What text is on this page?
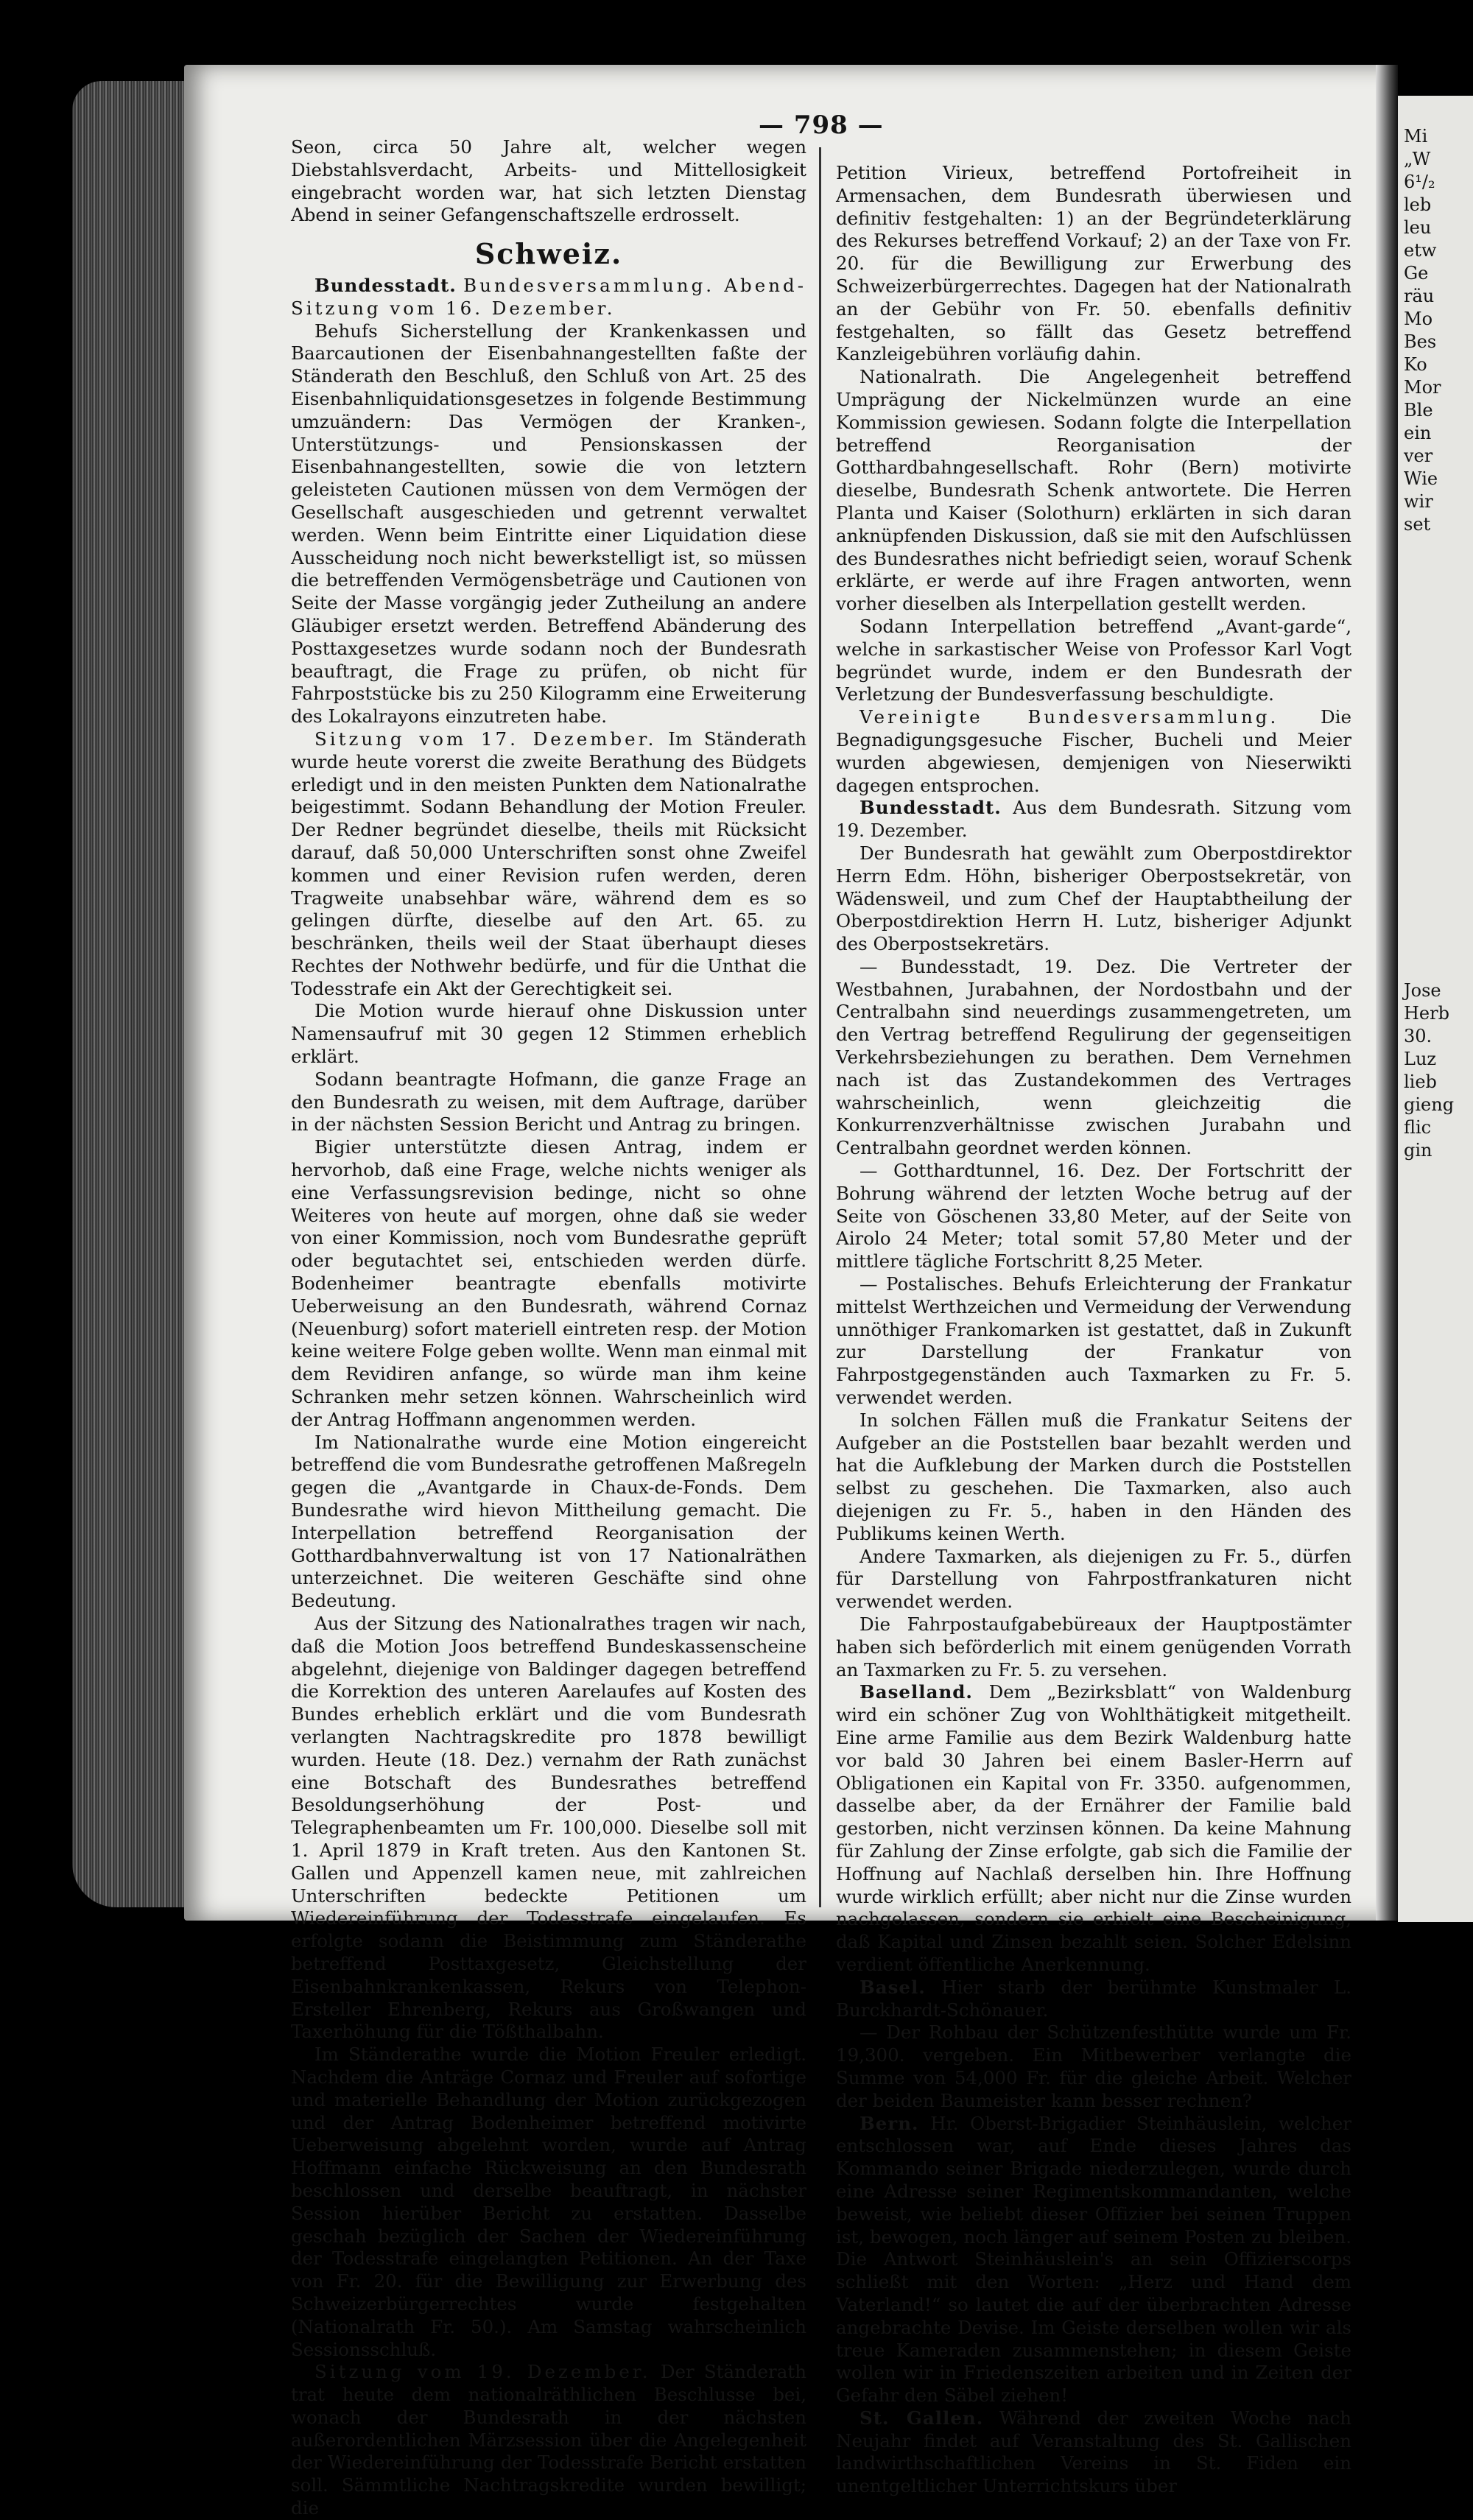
Mi
„W
6¹/₂
leb
leu
etw
Ge
räu
Mo
Bes
Ko
Mor
Ble
ein
ver
Wie
wir
set
Jose
Herb
30.
Luz
lieb
gieng
flic
gin
— 798 —

Seon, circa 50 Jahre alt, welcher wegen Diebstahlsverdacht, Arbeits- und Mittellosigkeit eingebracht worden war, hat sich letzten Dienstag Abend in seiner Gefangenschaftszelle erdrosselt.

Schweiz.

Bundesstadt. Bundesversammlung. Abend-Sitzung vom 16. Dezember.

Behufs Sicherstellung der Krankenkassen und Baarcautionen der Eisenbahnangestellten faßte der Ständerath den Beschluß, den Schluß von Art. 25 des Eisenbahnliquidationsgesetzes in folgende Bestimmung umzuändern: Das Vermögen der Kranken-, Unterstützungs- und Pensionskassen der Eisenbahnangestellten, sowie die von letztern geleisteten Cautionen müssen von dem Vermögen der Gesellschaft ausgeschieden und getrennt verwaltet werden. Wenn beim Eintritte einer Liquidation diese Ausscheidung noch nicht bewerkstelligt ist, so müssen die betreffenden Vermögensbeträge und Cautionen von Seite der Masse vorgängig jeder Zutheilung an andere Gläubiger ersetzt werden. Betreffend Abänderung des Posttaxgesetzes wurde sodann noch der Bundesrath beauftragt, die Frage zu prüfen, ob nicht für Fahrpoststücke bis zu 250 Kilogramm eine Erweiterung des Lokalrayons einzutreten habe.

Sitzung vom 17. Dezember. Im Ständerath wurde heute vorerst die zweite Berathung des Büdgets erledigt und in den meisten Punkten dem Nationalrathe beigestimmt. Sodann Behandlung der Motion Freuler. Der Redner begründet dieselbe, theils mit Rücksicht darauf, daß 50,000 Unterschriften sonst ohne Zweifel kommen und einer Revision rufen werden, deren Tragweite unabsehbar wäre, während dem es so gelingen dürfte, dieselbe auf den Art. 65. zu beschränken, theils weil der Staat überhaupt dieses Rechtes der Nothwehr bedürfe, und für die Unthat die Todesstrafe ein Akt der Gerechtigkeit sei.

Die Motion wurde hierauf ohne Diskussion unter Namensaufruf mit 30 gegen 12 Stimmen erheblich erklärt.

Sodann beantragte Hofmann, die ganze Frage an den Bundesrath zu weisen, mit dem Auftrage, darüber in der nächsten Session Bericht und Antrag zu bringen.

Bigier unterstützte diesen Antrag, indem er hervorhob, daß eine Frage, welche nichts weniger als eine Verfassungsrevision bedinge, nicht so ohne Weiteres von heute auf morgen, ohne daß sie weder von einer Kommission, noch vom Bundesrathe geprüft oder begutachtet sei, entschieden werden dürfe. Bodenheimer beantragte ebenfalls motivirte Ueberweisung an den Bundesrath, während Cornaz (Neuenburg) sofort materiell eintreten resp. der Motion keine weitere Folge geben wollte. Wenn man einmal mit dem Revidiren anfange, so würde man ihm keine Schranken mehr setzen können. Wahrscheinlich wird der Antrag Hoffmann angenommen werden.

Im Nationalrathe wurde eine Motion eingereicht betreffend die vom Bundesrathe getroffenen Maßregeln gegen die „Avantgarde in Chaux-de-Fonds. Dem Bundesrathe wird hievon Mittheilung gemacht. Die Interpellation betreffend Reorganisation der Gotthardbahnverwaltung ist von 17 Nationalräthen unterzeichnet. Die weiteren Geschäfte sind ohne Bedeutung.

Aus der Sitzung des Nationalrathes tragen wir nach, daß die Motion Joos betreffend Bundeskassenscheine abgelehnt, diejenige von Baldinger dagegen betreffend die Korrektion des unteren Aarelaufes auf Kosten des Bundes erheblich erklärt und die vom Bundesrath verlangten Nachtragskredite pro 1878 bewilligt wurden. Heute (18. Dez.) vernahm der Rath zunächst eine Botschaft des Bundesrathes betreffend Besoldungserhöhung der Post- und Telegraphenbeamten um Fr. 100,000. Dieselbe soll mit 1. April 1879 in Kraft treten. Aus den Kantonen St. Gallen und Appenzell kamen neue, mit zahlreichen Unterschriften bedeckte Petitionen um Wiedereinführung der Todesstrafe eingelaufen. Es erfolgte sodann die Beistimmung zum Ständerathe betreffend Posttaxgesetz, Gleichstellung der Eisenbahnkrankenkassen, Rekurs von Telephon-Ersteller Ehrenberg, Rekurs aus Großwangen und Taxerhöhung für die Tößthalbahn.

Im Ständerathe wurde die Motion Freuler erledigt. Nachdem die Anträge Cornaz und Freuler auf sofortige und materielle Behandlung der Motion zurückgezogen und der Antrag Bodenheimer betreffend motivirte Ueberweisung abgelehnt worden, wurde auf Antrag Hoffmann einfache Rückweisung an den Bundesrath beschlossen und derselbe beauftragt, in nächster Session hierüber Bericht zu erstatten. Dasselbe geschah bezüglich der Sachen der Wiedereinführung der Todesstrafe eingelangten Petitionen. An der Taxe von Fr. 20. für die Bewilligung zur Erwerbung des Schweizerbürgerrechtes wurde festgehalten (Nationalrath Fr. 50.). Am Samstag wahrscheinlich Sessionsschluß.

Sitzung vom 19. Dezember. Der Ständerath trat heute dem nationalräthlichen Beschlusse bei, wonach der Bundesrath in der nächsten außerordentlichen Märzsession über die Angelegenheit der Wiedereinführung der Todesstrafe Bericht erstatten soll. Sämmtliche Nachtragskredite wurden bewilligt; die

Petition Virieux, betreffend Portofreiheit in Armensachen, dem Bundesrath überwiesen und definitiv festgehalten: 1) an der Begründeterklärung des Rekurses betreffend Vorkauf; 2) an der Taxe von Fr. 20. für die Bewilligung zur Erwerbung des Schweizerbürgerrechtes. Dagegen hat der Nationalrath an der Gebühr von Fr. 50. ebenfalls definitiv festgehalten, so fällt das Gesetz betreffend Kanzleigebühren vorläufig dahin.

Nationalrath. Die Angelegenheit betreffend Umprägung der Nickelmünzen wurde an eine Kommission gewiesen. Sodann folgte die Interpellation betreffend Reorganisation der Gotthardbahngesellschaft. Rohr (Bern) motivirte dieselbe, Bundesrath Schenk antwortete. Die Herren Planta und Kaiser (Solothurn) erklärten in sich daran anknüpfenden Diskussion, daß sie mit den Aufschlüssen des Bundesrathes nicht befriedigt seien, worauf Schenk erklärte, er werde auf ihre Fragen antworten, wenn vorher dieselben als Interpellation gestellt werden.

Sodann Interpellation betreffend „Avant-garde“, welche in sarkastischer Weise von Professor Karl Vogt begründet wurde, indem er den Bundesrath der Verletzung der Bundesverfassung beschuldigte.

Vereinigte Bundesversammlung. Die Begnadigungsgesuche Fischer, Bucheli und Meier wurden abgewiesen, demjenigen von Nieserwikti dagegen entsprochen.

Bundesstadt. Aus dem Bundesrath. Sitzung vom 19. Dezember.

Der Bundesrath hat gewählt zum Oberpostdirektor Herrn Edm. Höhn, bisheriger Oberpostsekretär, von Wädensweil, und zum Chef der Hauptabtheilung der Oberpostdirektion Herrn H. Lutz, bisheriger Adjunkt des Oberpostsekretärs.

— Bundesstadt, 19. Dez. Die Vertreter der Westbahnen, Jurabahnen, der Nordostbahn und der Centralbahn sind neuerdings zusammengetreten, um den Vertrag betreffend Regulirung der gegenseitigen Verkehrsbeziehungen zu berathen. Dem Vernehmen nach ist das Zustandekommen des Vertrages wahrscheinlich, wenn gleichzeitig die Konkurrenzverhältnisse zwischen Jurabahn und Centralbahn geordnet werden können.

— Gotthardtunnel, 16. Dez. Der Fortschritt der Bohrung während der letzten Woche betrug auf der Seite von Göschenen 33,80 Meter, auf der Seite von Airolo 24 Meter; total somit 57,80 Meter und der mittlere tägliche Fortschritt 8,25 Meter.

— Postalisches. Behufs Erleichterung der Frankatur mittelst Werthzeichen und Vermeidung der Verwendung unnöthiger Frankomarken ist gestattet, daß in Zukunft zur Darstellung der Frankatur von Fahrpostgegenständen auch Taxmarken zu Fr. 5. verwendet werden.

In solchen Fällen muß die Frankatur Seitens der Aufgeber an die Poststellen baar bezahlt werden und hat die Aufklebung der Marken durch die Poststellen selbst zu geschehen. Die Taxmarken, also auch diejenigen zu Fr. 5., haben in den Händen des Publikums keinen Werth.

Andere Taxmarken, als diejenigen zu Fr. 5., dürfen für Darstellung von Fahrpostfrankaturen nicht verwendet werden.

Die Fahrpostaufgabebüreaux der Hauptpostämter haben sich beförderlich mit einem genügenden Vorrath an Taxmarken zu Fr. 5. zu versehen.

Baselland. Dem „Bezirksblatt“ von Waldenburg wird ein schöner Zug von Wohlthätigkeit mitgetheilt. Eine arme Familie aus dem Bezirk Waldenburg hatte vor bald 30 Jahren bei einem Basler-Herrn auf Obligationen ein Kapital von Fr. 3350. aufgenommen, dasselbe aber, da der Ernährer der Familie bald gestorben, nicht verzinsen können. Da keine Mahnung für Zahlung der Zinse erfolgte, gab sich die Familie der Hoffnung auf Nachlaß derselben hin. Ihre Hoffnung wurde wirklich erfüllt; aber nicht nur die Zinse wurden nachgelassen, sondern sie erhielt eine Bescheinigung, daß Kapital und Zinsen bezahlt seien. Solcher Edelsinn verdient öffentliche Anerkennung.

Basel. Hier starb der berühmte Kunstmaler L. Burckhardt-Schönauer.

— Der Rohbau der Schützenfesthütte wurde um Fr. 19,300. vergeben. Ein Mitbewerber verlangte die Summe von 54,000 Fr. für die gleiche Arbeit. Welcher der beiden Baumeister kann besser rechnen?

Bern. Hr. Oberst-Brigadier Steinhäuslein, welcher entschlossen war, auf Ende dieses Jahres das Kommando seiner Brigade niederzulegen, wurde durch eine Adresse seiner Regimentskommandanten, welche beweist, wie beliebt dieser Offizier bei seinen Truppen ist, bewogen, noch länger auf seinem Posten zu bleiben. Die Antwort Steinhäuslein's an sein Offizierscorps schließt mit den Worten: „Herz und Hand dem Vaterland!“ so lautet die auf der überbrachten Adresse angebrachte Devise. Im Geiste derselben wollen wir als treue Kameraden zusammenstehen; in diesem Geiste wollen wir in Friedenszeiten arbeiten und in Zeiten der Gefahr den Säbel ziehen!

St. Gallen. Während der zweiten Woche nach Neujahr findet auf Veranstaltung des St. Gallischen landwirthschaftlichen Vereins in St. Fiden ein unentgeltlicher Unterrichtskurs über
